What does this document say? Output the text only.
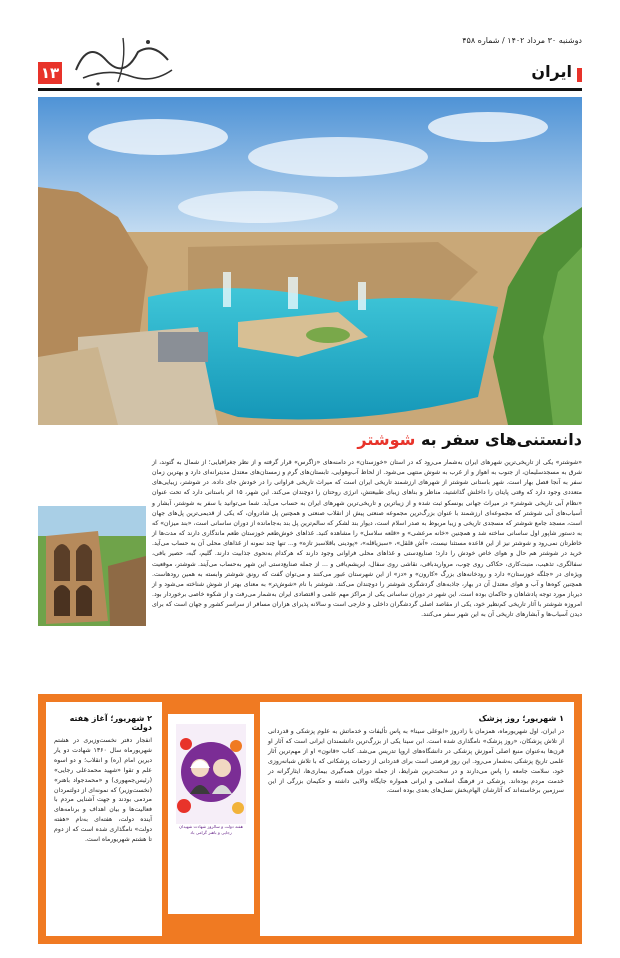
۱۳
دوشنبه ۳۰ مرداد ۱۴۰۲ / شماره ۴۵۸
ایران
دانستنی‌های سفر به شوشتر
«شوشتر» یکی از تاریخی‌ترین شهرهای ایران به‌شمار می‌رود که در استان «خوزستان» در دامنه‌های «زاگرس» قرار گرفته و از نظر جغرافیایی؛ از شمال به گتوند، از شرق به مسجدسلیمان، از جنوب به اهواز و از غرب به شوش منتهی می‌شود. از لحاظ آب‌وهوایی، تابستان‌های گرم و زمستان‌های معتدل مدیترانه‌ای دارد و بهترین زمان سفر به آنجا فصل بهار است. شهر باستانی شوشتر از شهرهای ارزشمند تاریخی ایران است که میراث تاریخی فراوانی را در خودش جای داده. در شوشتر، زیبایی‌های متعددی وجود دارد که وقتی پایتان را داخلش گذاشتید، مناظر و بناهای زیبای طبیعتش، انرژی روحتان را دوچندان می‌کند. این شهر، ۱۵ اثر باستانی دارد که تحت عنوان «نظام آبی تاریخی شوشتر» در میراث جهانی یونسکو ثبت شده و از زیباترین و تاریخی‌ترین شهرهای ایران به حساب می‌آید. شما می‌توانید با سفر به شوشتر، آبشار و آسیاب‌های آبی شوشتر که مجموعه‌ای ارزشمند با عنوان بزرگ‌ترین مجموعه صنعتی پیش از انقلاب صنعتی و همچنین پل شادروان، که یکی از قدیمی‌ترین پل‌های جهان است، مسجد جامع شوشتر که مسجدی تاریخی و زیبا مربوط به صدر اسلام است، دیوار بند لشکر که سالم‌ترین پل بند به‌جامانده از دوران ساسانی است، «بند میزان» که به دستور شاپور اول ساسانی ساخته شد و همچنین «خانه مرعشی» و «قلعه سلاسل» را مشاهده کنید. غذاهای خوش‌طعم خوزستان طعم ماندگاری دارند که مدت‌ها از خاطرتان نمی‌رود و شوشتر نیز از این قاعده مستثنا نیست، «آش قلقل»، «سبزیاقله»، «پودینی باقلاسبز تازه» و... تنها چند نمونه از غذاهای محلی آن به حساب می‌آید. خرید در شوشتر هم حال و هوای خاص خودش را دارد؛ صنایع‌دستی و غذاهای محلی فراوانی وجود دارند که هرکدام به‌نحوی جذابیت دارند. گلیم، گبه، حصیر بافی، سفالگری، تذهیب، منبت‌کاری، حکاکی روی چوب، مرواریدبافی، نقاشی روی سفال، ابریشم‌بافی و ... از جمله صنایع‌دستی این شهر به‌حساب می‌آیند. شوشتر، موقعیت ویژه‌ای در «جلگه خوزستان» دارد و رودخانه‌های بزرگ «کارون» و «دز» از این شهرستان عبور می‌کنند و می‌توان گفت که رونق شوشتر وابسته به همین رودهاست. همچنین کوه‌ها و آب و هوای معتدل آن در بهار، جاذبه‌های گردشگری شوشتر را دوچندان می‌کند. شوشتر با نام «شوش‌تر» به معنای بهتر از شوش شناخته می‌شود و از دیرباز مورد توجه پادشاهان و حاکمان بوده است. این شهر در دوران ساسانی یکی از مراکز مهم علمی و اقتصادی ایران به‌شمار می‌رفت و از شکوه خاصی برخوردار بود. امروزه شوشتر با آثار تاریخی کم‌نظیر خود، یکی از مقاصد اصلی گردشگران داخلی و خارجی است و سالانه پذیرای هزاران مسافر از سراسر کشور و جهان است که برای دیدن آسیاب‌ها و آبشارهای تاریخی آن به این شهر سفر می‌کنند.
۱ شهریور؛ روز پزشک
در ایران، اول شهریورماه، همزمان با زادروز «ابوعلی سینا» به پاس تألیفات و خدماتش به علوم پزشکی و قدردانی از تلاش پزشکان، «روز پزشک» نامگذاری شده است. ابن سینا یکی از بزرگ‌ترین دانشمندان ایرانی است که آثار او قرن‌ها به‌عنوان منبع اصلی آموزش پزشکی در دانشگاه‌های اروپا تدریس می‌شد. کتاب «قانون» او از مهم‌ترین آثار علمی تاریخ پزشکی به‌شمار می‌رود. این روز فرصتی است برای قدردانی از زحمات پزشکانی که با تلاش شبانه‌روزی خود، سلامت جامعه را پاس می‌دارند و در سخت‌ترین شرایط، از جمله دوران همه‌گیری بیماری‌ها، ایثارگرانه در خدمت مردم بوده‌اند. پزشکی در فرهنگ اسلامی و ایرانی همواره جایگاه والایی داشته و حکیمان بزرگی از این سرزمین برخاسته‌اند که آثارشان الهام‌بخش نسل‌های بعدی بوده است.
هفته دولت و سالروز شهادت شهیدان رجایی و باهنر گرامی باد
۲ شهریور؛ آغاز هفته دولت
انفجار دفتر نخست‌وزیری در هشتم شهریورماه سال ۱۳۶۰ شهادت دو یار دیرین امام (ره) و انقلاب؛ و دو اسوه علم و تقوا «شهید محمدعلی رجایی» (رئیس‌جمهوری) و «محمدجواد باهنر» (نخست‌وزیر) که نمونه‌ای از دولتمردان مردمی بودند و جهت آشنایی مردم با فعالیت‌ها و بیان اهداف و برنامه‌های آینده دولت، هفته‌ای به‌نام «هفته دولت» نامگذاری شده است که از دوم تا هشتم شهریورماه است.
